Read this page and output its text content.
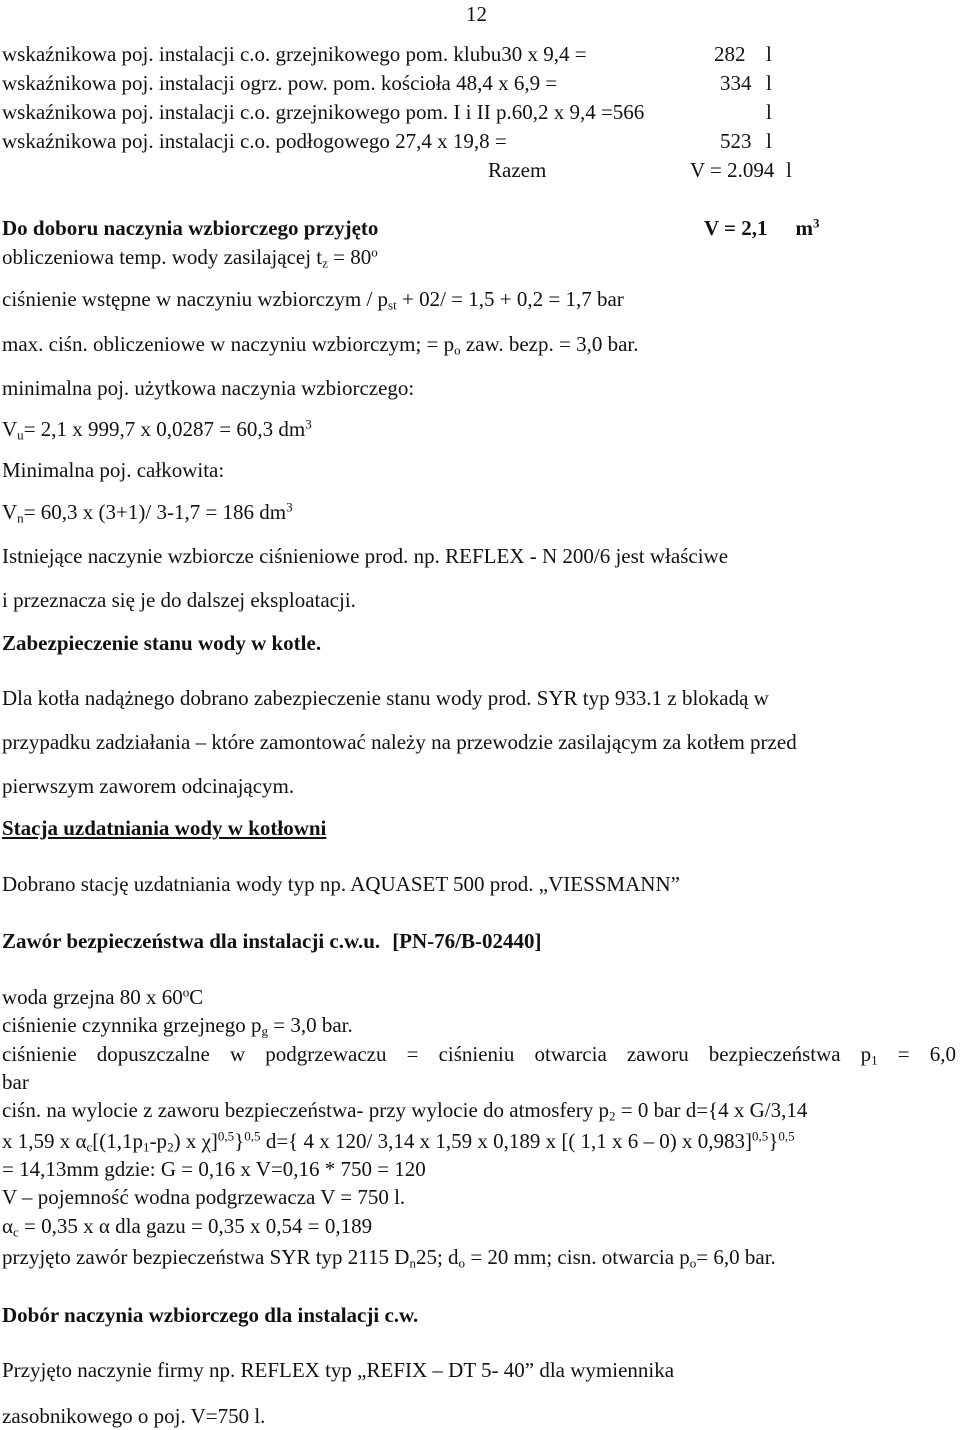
12
wskaźnikowa poj. instalacji c.o. grzejnikowego pom. klubu30 x 9,4 =	282 l
wskaźnikowa poj. instalacji ogrz. pow. pom. kościoła 48,4 x 6,9 =	334 l
wskaźnikowa poj. instalacji c.o. grzejnikowego pom. I i II p.60,2 x 9,4 =566	l
wskaźnikowa poj. instalacji c.o. podłogowego 27,4 x 19,8 =	523 l
Razem	V = 2.094 l
Do doboru naczynia wzbiorczego przyjęto	V = 2,1 $m^3$
obliczeniowa temp. wody zasilającej $t_z = 80^o$
ciśnienie wstępne w naczyniu wzbiorczym / $p_{st} + 02/ = 1,5 + 0,2 = 1,7$ bar
max. ciśn. obliczeniowe w naczyniu wzbiorczym; = $p_o$ zaw. bezp. = 3,0 bar.
minimalna poj. użytkowa naczynia wzbiorczego:
$V_u= 2,1$ x 999,7 x 0,0287 = 60,3 $dm^3$
Minimalna poj. całkowita:
$V_n= 60,3$ x (3+1)/ 3-1,7 = 186 $dm^3$
Istniejące naczynie wzbiorcze ciśnieniowe prod. np. REFLEX - N 200/6 jest właściwe
i przeznacza się je do dalszej eksploatacji.
Zabezpieczenie stanu wody w kotle.
Dla kotła nadążnego dobrano zabezpieczenie stanu wody prod. SYR typ 933.1 z blokadą w
przypadku zadziałania – które zamontować należy na przewodzie zasilającym za kotłem przed
pierwszym zaworem odcinającym.
Stacja uzdatniania wody w kotłowni
Dobrano stację uzdatniania wody typ np. AQUASET 500 prod. „VIESSMANN”
Zawór bezpieczeństwa dla instalacji c.w.u. [PN-76/B-02440]
woda grzejna 80 x 60$^o$C
ciśnienie czynnika grzejnego $p_g = 3,0$ bar.
ciśnienie dopuszczalne w podgrzewaczu = ciśnieniu otwarcia zaworu bezpieczeństwa $p_1 = 6,0$
bar
ciśn. na wylocie z zaworu bezpieczeństwa- przy wylocie do atmosfery $p_2 = 0$ bar d={4 x G/3,14
x 1,59 x $\alpha_c[(1,1p_1-p_2)$ x χ]$^{0,5}$}$^{0,5}$ d={ 4 x 120/ 3,14 x 1,59 x 0,189 x [( 1,1 x 6 – 0) x 0,983]$^{0,5}$}$^{0,5}$
= 14,13mm gdzie: G = 0,16 x V=0,16 * 750 = 120
V – pojemność wodna podgrzewacza V = 750 l.
$\alpha_c = 0,35$ x α dla gazu = 0,35 x 0,54 = 0,189
przyjęto zawór bezpieczeństwa SYR typ 2115 $D_n25$; $d_o = 20$ mm; cisn. otwarcia $p_o= 6,0$ bar.
Dobór naczynia wzbiorczego dla instalacji c.w.
Przyjęto naczynie firmy np. REFLEX typ „REFIX – DT 5- 40” dla wymiennika
zasobnikowego o poj. V=750 l.
